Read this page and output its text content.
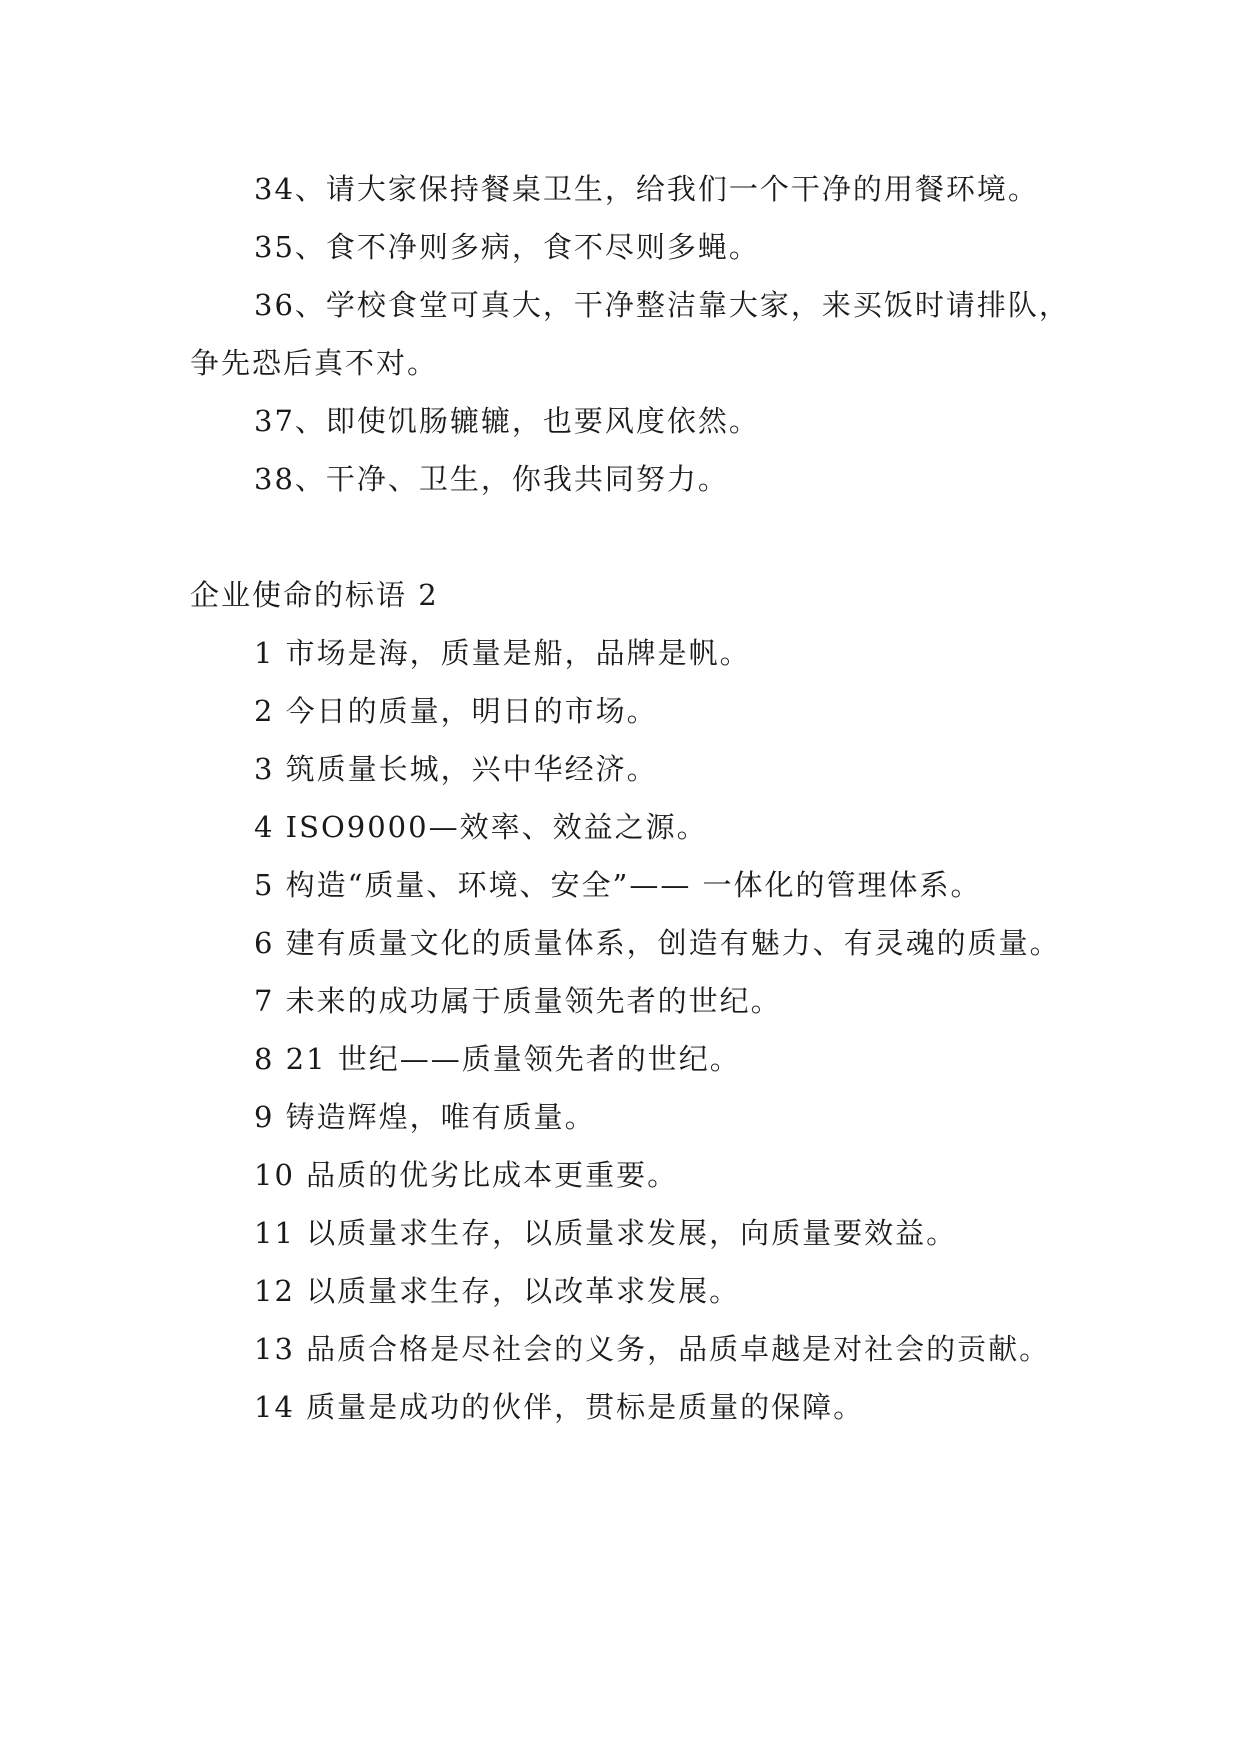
34、请大家保持餐桌卫生，给我们一个干净的用餐环境。

35、食不净则多病，食不尽则多蝇。

36、学校食堂可真大，干净整洁靠大家，来买饭时请排队，争先恐后真不对。

37、即使饥肠辘辘，也要风度依然。

38、干净、卫生，你我共同努力。

企业使命的标语 2

1 市场是海，质量是船，品牌是帆。

2 今日的质量，明日的市场。

3 筑质量长城，兴中华经济。

4 ISO9000—效率、效益之源。

5 构造“质量、环境、安全”—— 一体化的管理体系。

6 建有质量文化的质量体系，创造有魅力、有灵魂的质量。

7 未来的成功属于质量领先者的世纪。

8 21 世纪——质量领先者的世纪。

9 铸造辉煌，唯有质量。

10 品质的优劣比成本更重要。

11 以质量求生存，以质量求发展，向质量要效益。

12 以质量求生存，以改革求发展。

13 品质合格是尽社会的义务，品质卓越是对社会的贡献。

14 质量是成功的伙伴，贯标是质量的保障。
